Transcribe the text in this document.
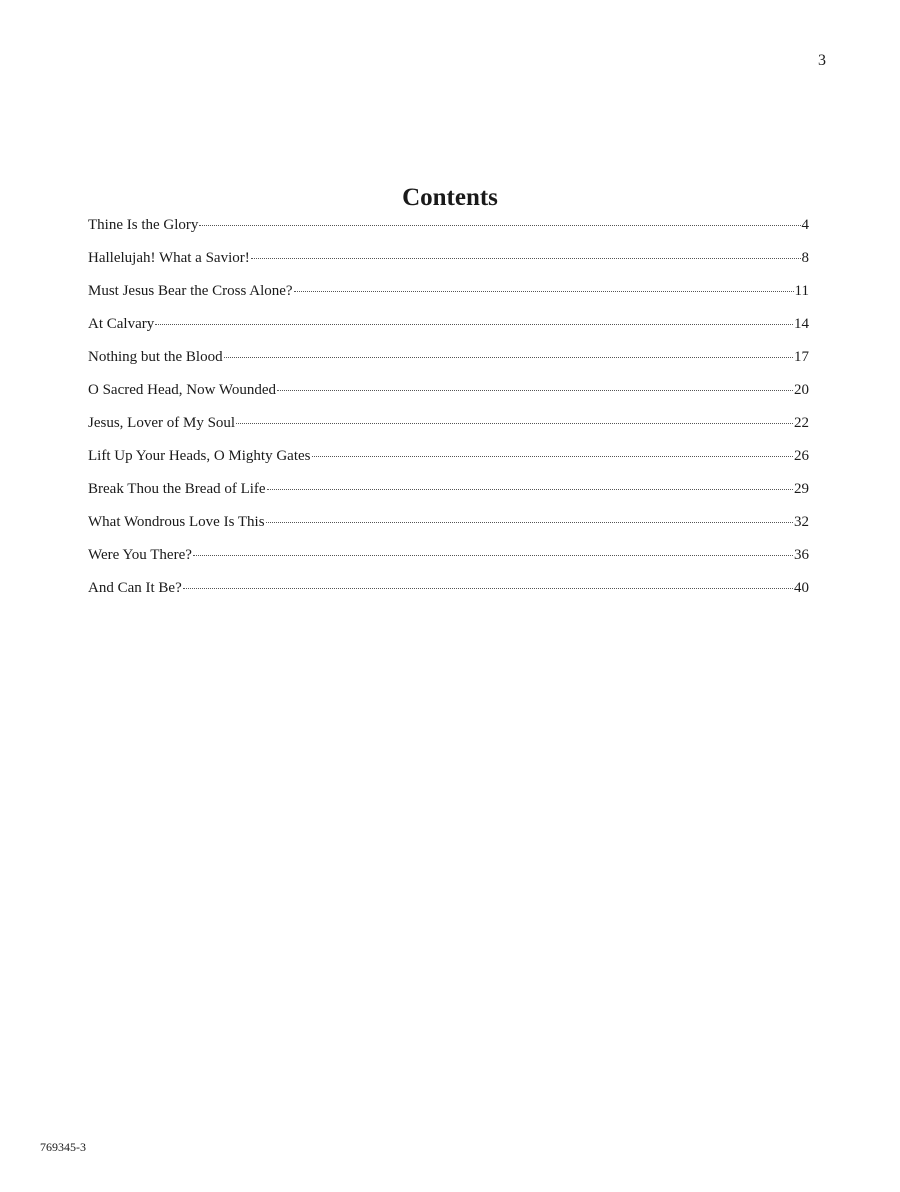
3
Contents
Thine Is the Glory	4
Hallelujah! What a Savior!	8
Must Jesus Bear the Cross Alone?	11
At Calvary	14
Nothing but the Blood	17
O Sacred Head, Now Wounded	20
Jesus, Lover of My Soul	22
Lift Up Your Heads, O Mighty Gates	26
Break Thou the Bread of Life	29
What Wondrous Love Is This	32
Were You There?	36
And Can It Be?	40
769345-3
